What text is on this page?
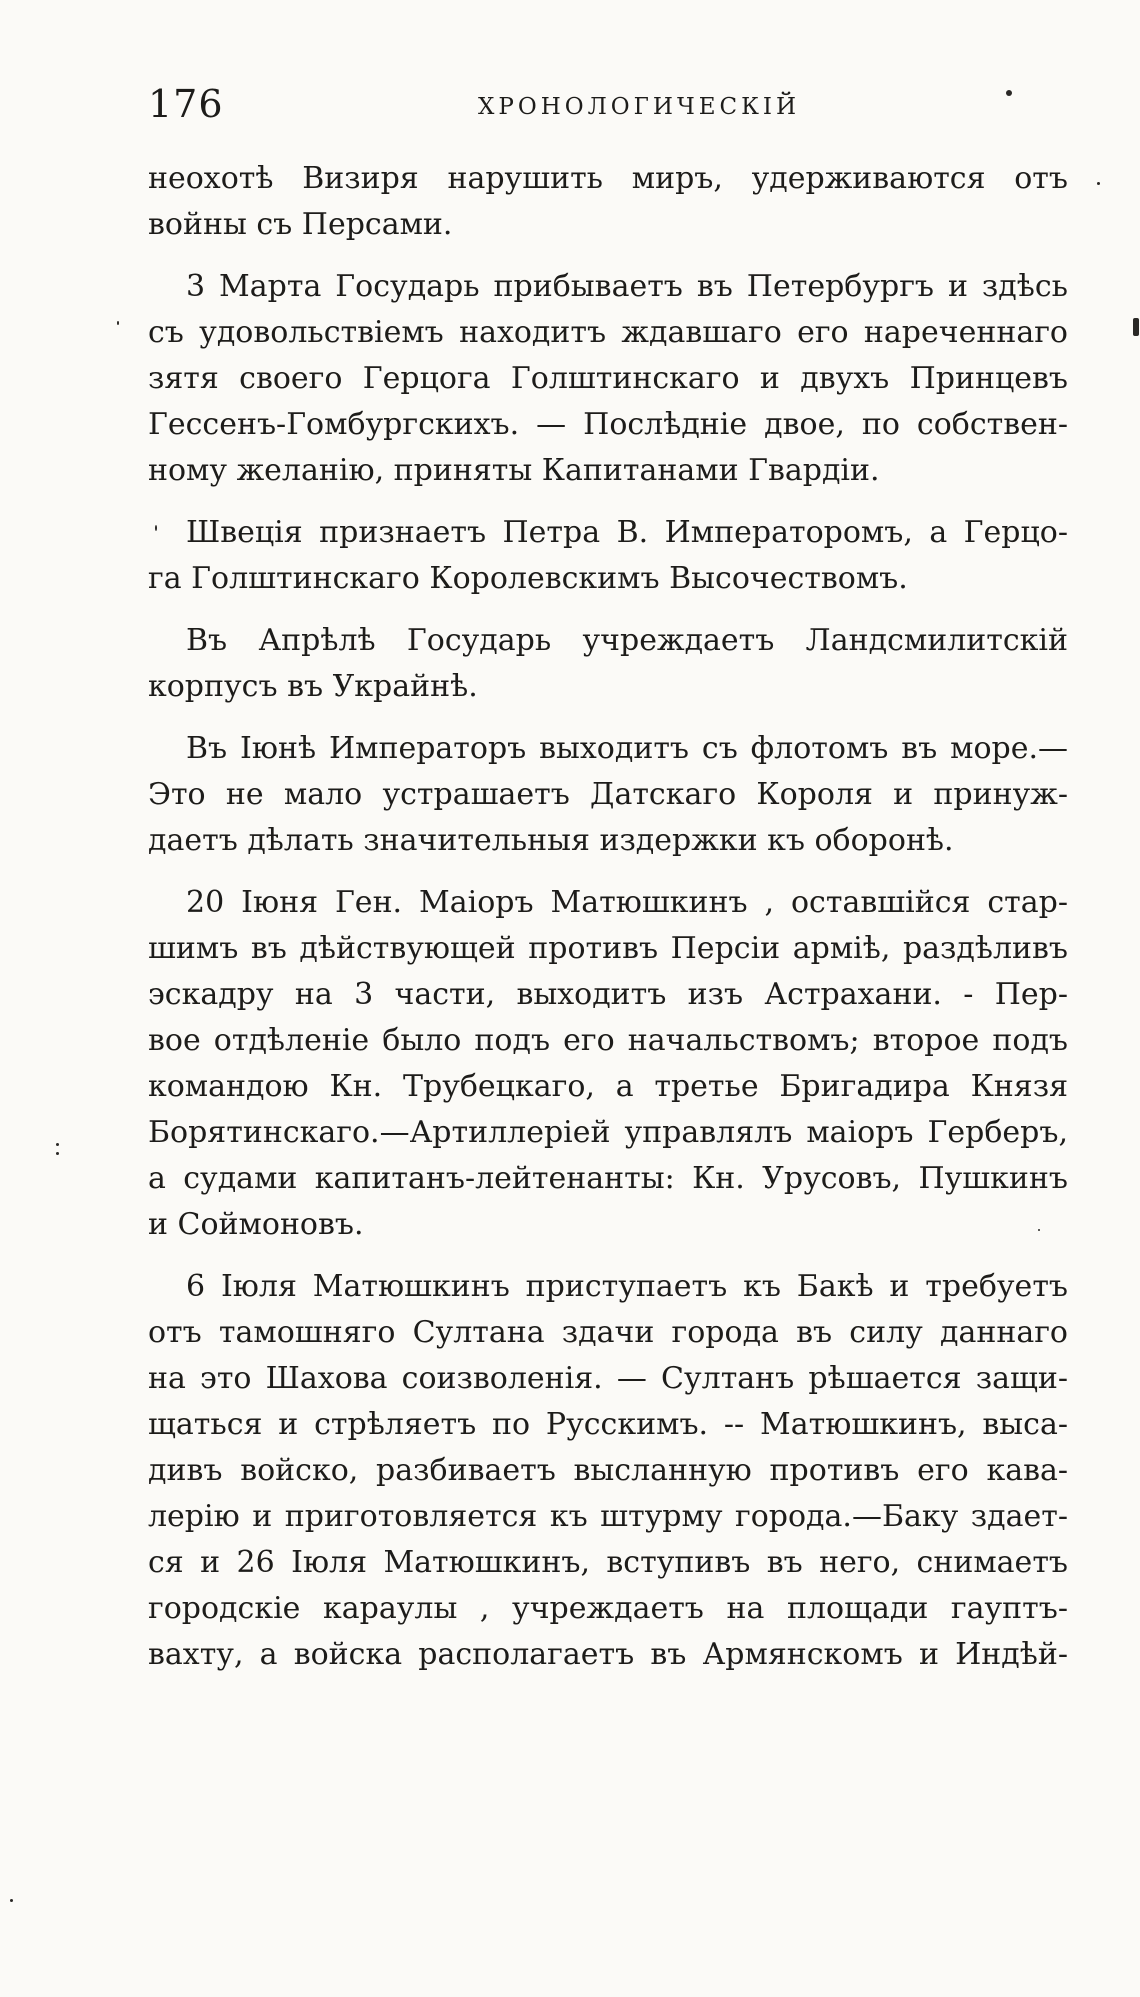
176	ХРОНОЛОГИЧЕСКІЙ
неохотѣ Визиря нарушить миръ, удерживаются отъ
войны съ Персами.
3 Марта Государь прибываетъ въ Петербургъ и здѣсь
съ удовольствіемъ находитъ ждавшаго его нареченнаго
зятя своего Герцога Голштинскаго и двухъ Принцевъ
Гессенъ-Гомбургскихъ. — Послѣдніе двое, по собствен-
ному желанію, приняты Капитанами Гвардіи.
Швеція признаетъ Петра В. Императоромъ, а Герцо-
га Голштинскаго Королевскимъ Высочествомъ.
Въ Апрѣлѣ Государь учреждаетъ Ландсмилитскій
корпусъ въ Украйнѣ.
Въ Іюнѣ Императоръ выходитъ съ флотомъ въ море.—
Это не мало устрашаетъ Датскаго Короля и принуж-
даетъ дѣлать значительныя издержки къ оборонѣ.
20 Іюня Ген. Маіоръ Матюшкинъ , оставшійся стар-
шимъ въ дѣйствующей противъ Персіи арміѣ, раздѣливъ
эскадру на 3 части, выходитъ изъ Астрахани. - Пер-
вое отдѣленіе было подъ его начальствомъ; второе подъ
командою Кн. Трубецкаго, а третье Бригадира Князя
Борятинскаго.—Артиллеріей управлялъ маіоръ Герберъ,
а судами капитанъ-лейтенанты: Кн. Урусовъ, Пушкинъ
и Соймоновъ.
6 Іюля Матюшкинъ приступаетъ къ Бакѣ и требуетъ
отъ тамошняго Султана здачи города въ силу даннаго
на это Шахова соизволенія. — Султанъ рѣшается защи-
щаться и стрѣляетъ по Русскимъ. -- Матюшкинъ, выса-
дивъ войско, разбиваетъ высланную противъ его кава-
лерію и приготовляется къ штурму города.—Баку здает-
ся и 26 Іюля Матюшкинъ, вступивъ въ него, снимаетъ
городскіе караулы , учреждаетъ на площади гауптъ-
вахту, а войска располагаетъ въ Армянскомъ и Индѣй-
